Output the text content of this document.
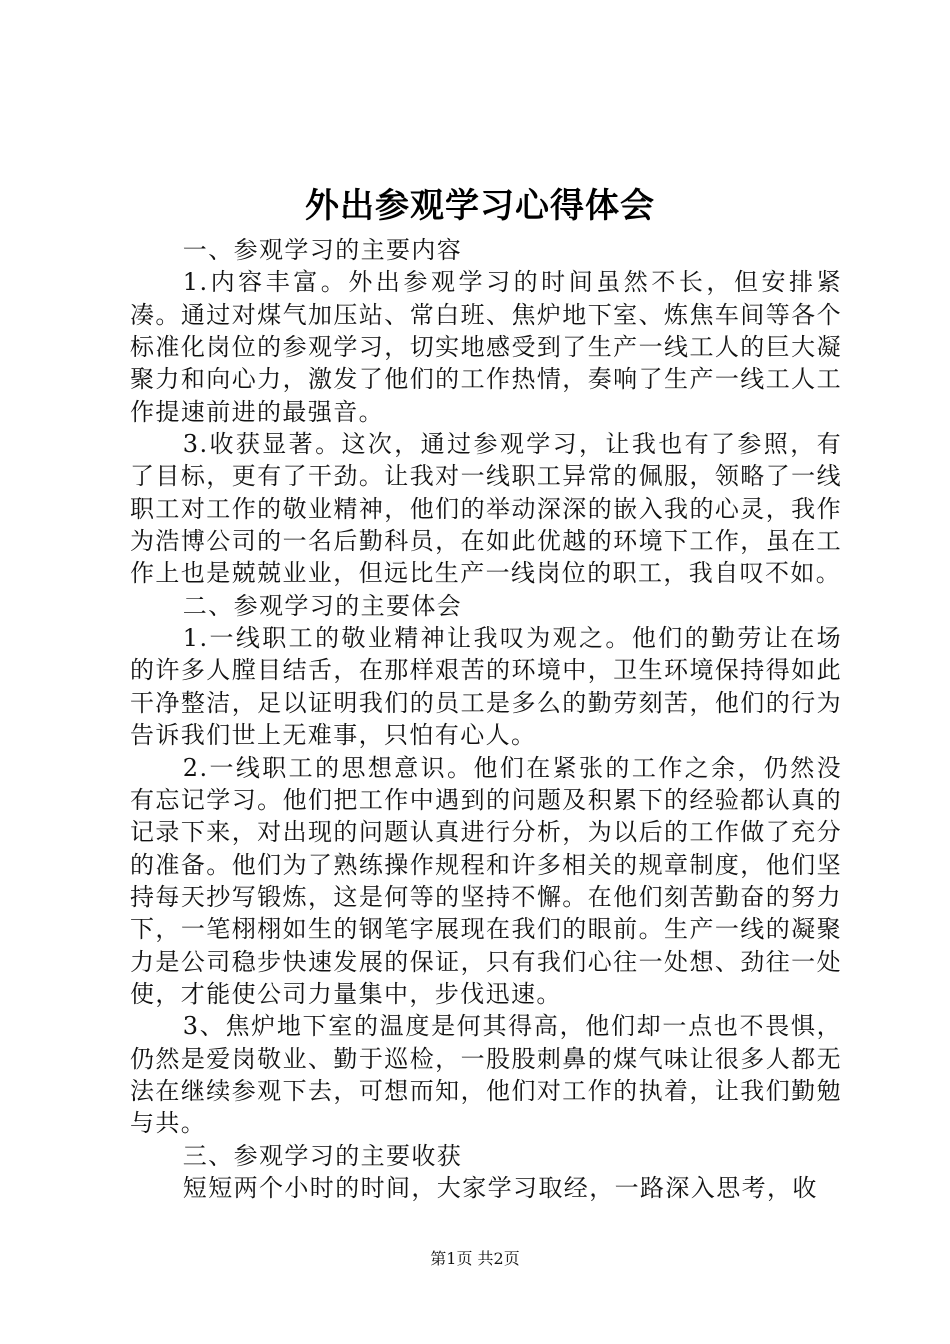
外出参观学习心得体会

一、参观学习的主要内容

1.内容丰富。外出参观学习的时间虽然不长，但安排紧凑。通过对煤气加压站、常白班、焦炉地下室、炼焦车间等各个标准化岗位的参观学习，切实地感受到了生产一线工人的巨大凝聚力和向心力，激发了他们的工作热情，奏响了生产一线工人工作提速前进的最强音。

3.收获显著。这次，通过参观学习，让我也有了参照，有了目标，更有了干劲。让我对一线职工异常的佩服，领略了一线职工对工作的敬业精神，他们的举动深深的嵌入我的心灵，我作为浩博公司的一名后勤科员，在如此优越的环境下工作，虽在工作上也是兢兢业业，但远比生产一线岗位的职工，我自叹不如。

二、参观学习的主要体会

1.一线职工的敬业精神让我叹为观之。他们的勤劳让在场的许多人膛目结舌，在那样艰苦的环境中，卫生环境保持得如此干净整洁，足以证明我们的员工是多么的勤劳刻苦，他们的行为告诉我们世上无难事，只怕有心人。

2.一线职工的思想意识。他们在紧张的工作之余，仍然没有忘记学习。他们把工作中遇到的问题及积累下的经验都认真的记录下来，对出现的问题认真进行分析，为以后的工作做了充分的准备。他们为了熟练操作规程和许多相关的规章制度，他们坚持每天抄写锻炼，这是何等的坚持不懈。在他们刻苦勤奋的努力下，一笔栩栩如生的钢笔字展现在我们的眼前。生产一线的凝聚力是公司稳步快速发展的保证，只有我们心往一处想、劲往一处使，才能使公司力量集中，步伐迅速。

3、焦炉地下室的温度是何其得高，他们却一点也不畏惧，仍然是爱岗敬业、勤于巡检，一股股刺鼻的煤气味让很多人都无法在继续参观下去，可想而知，他们对工作的执着，让我们勤勉与共。

三、参观学习的主要收获

短短两个小时的时间，大家学习取经，一路深入思考，收

第1页 共2页
